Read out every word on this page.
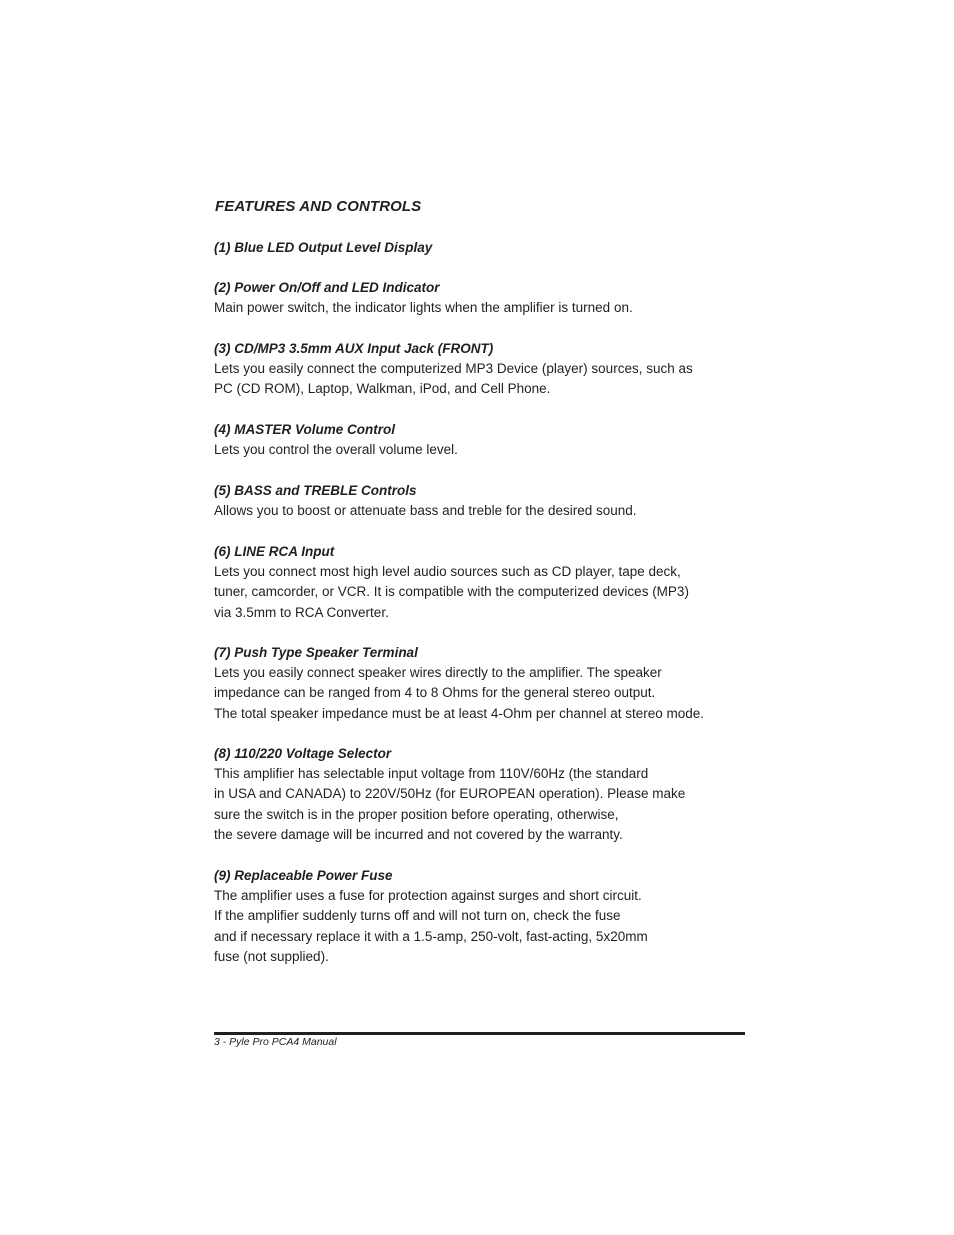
FEATURES AND CONTROLS
(1) Blue LED Output Level Display
(2) Power On/Off and LED Indicator
Main power switch, the indicator lights when the amplifier is turned on.
(3) CD/MP3 3.5mm AUX Input Jack (FRONT)
Lets you easily connect the computerized MP3 Device (player) sources, such as
PC (CD ROM), Laptop, Walkman, iPod, and Cell Phone.
(4) MASTER Volume Control
Lets you control the overall volume level.
(5) BASS and TREBLE Controls
Allows you to boost or attenuate bass and treble for the desired sound.
(6) LINE RCA Input
Lets you connect most high level audio sources such as CD player, tape deck,
tuner, camcorder, or VCR. It is compatible with the computerized devices (MP3)
via 3.5mm to RCA Converter.
(7) Push Type Speaker Terminal
Lets you easily connect speaker wires directly to the amplifier. The speaker
impedance can be ranged from 4 to 8 Ohms for the general stereo output.
The total speaker impedance must be at least 4-Ohm per channel at stereo mode.
(8) 110/220 Voltage Selector
This amplifier has selectable input voltage from 110V/60Hz (the standard
in USA and CANADA) to 220V/50Hz (for EUROPEAN operation). Please make
sure the switch is in the proper position before operating, otherwise,
the severe damage will be incurred and not covered by the warranty.
(9) Replaceable Power Fuse
The amplifier uses a fuse for protection against surges and short circuit.
If the amplifier suddenly turns off and will not turn on, check the fuse
and if necessary replace it with a 1.5-amp, 250-volt, fast-acting, 5x20mm
fuse (not supplied).
3 - Pyle Pro PCA4 Manual
